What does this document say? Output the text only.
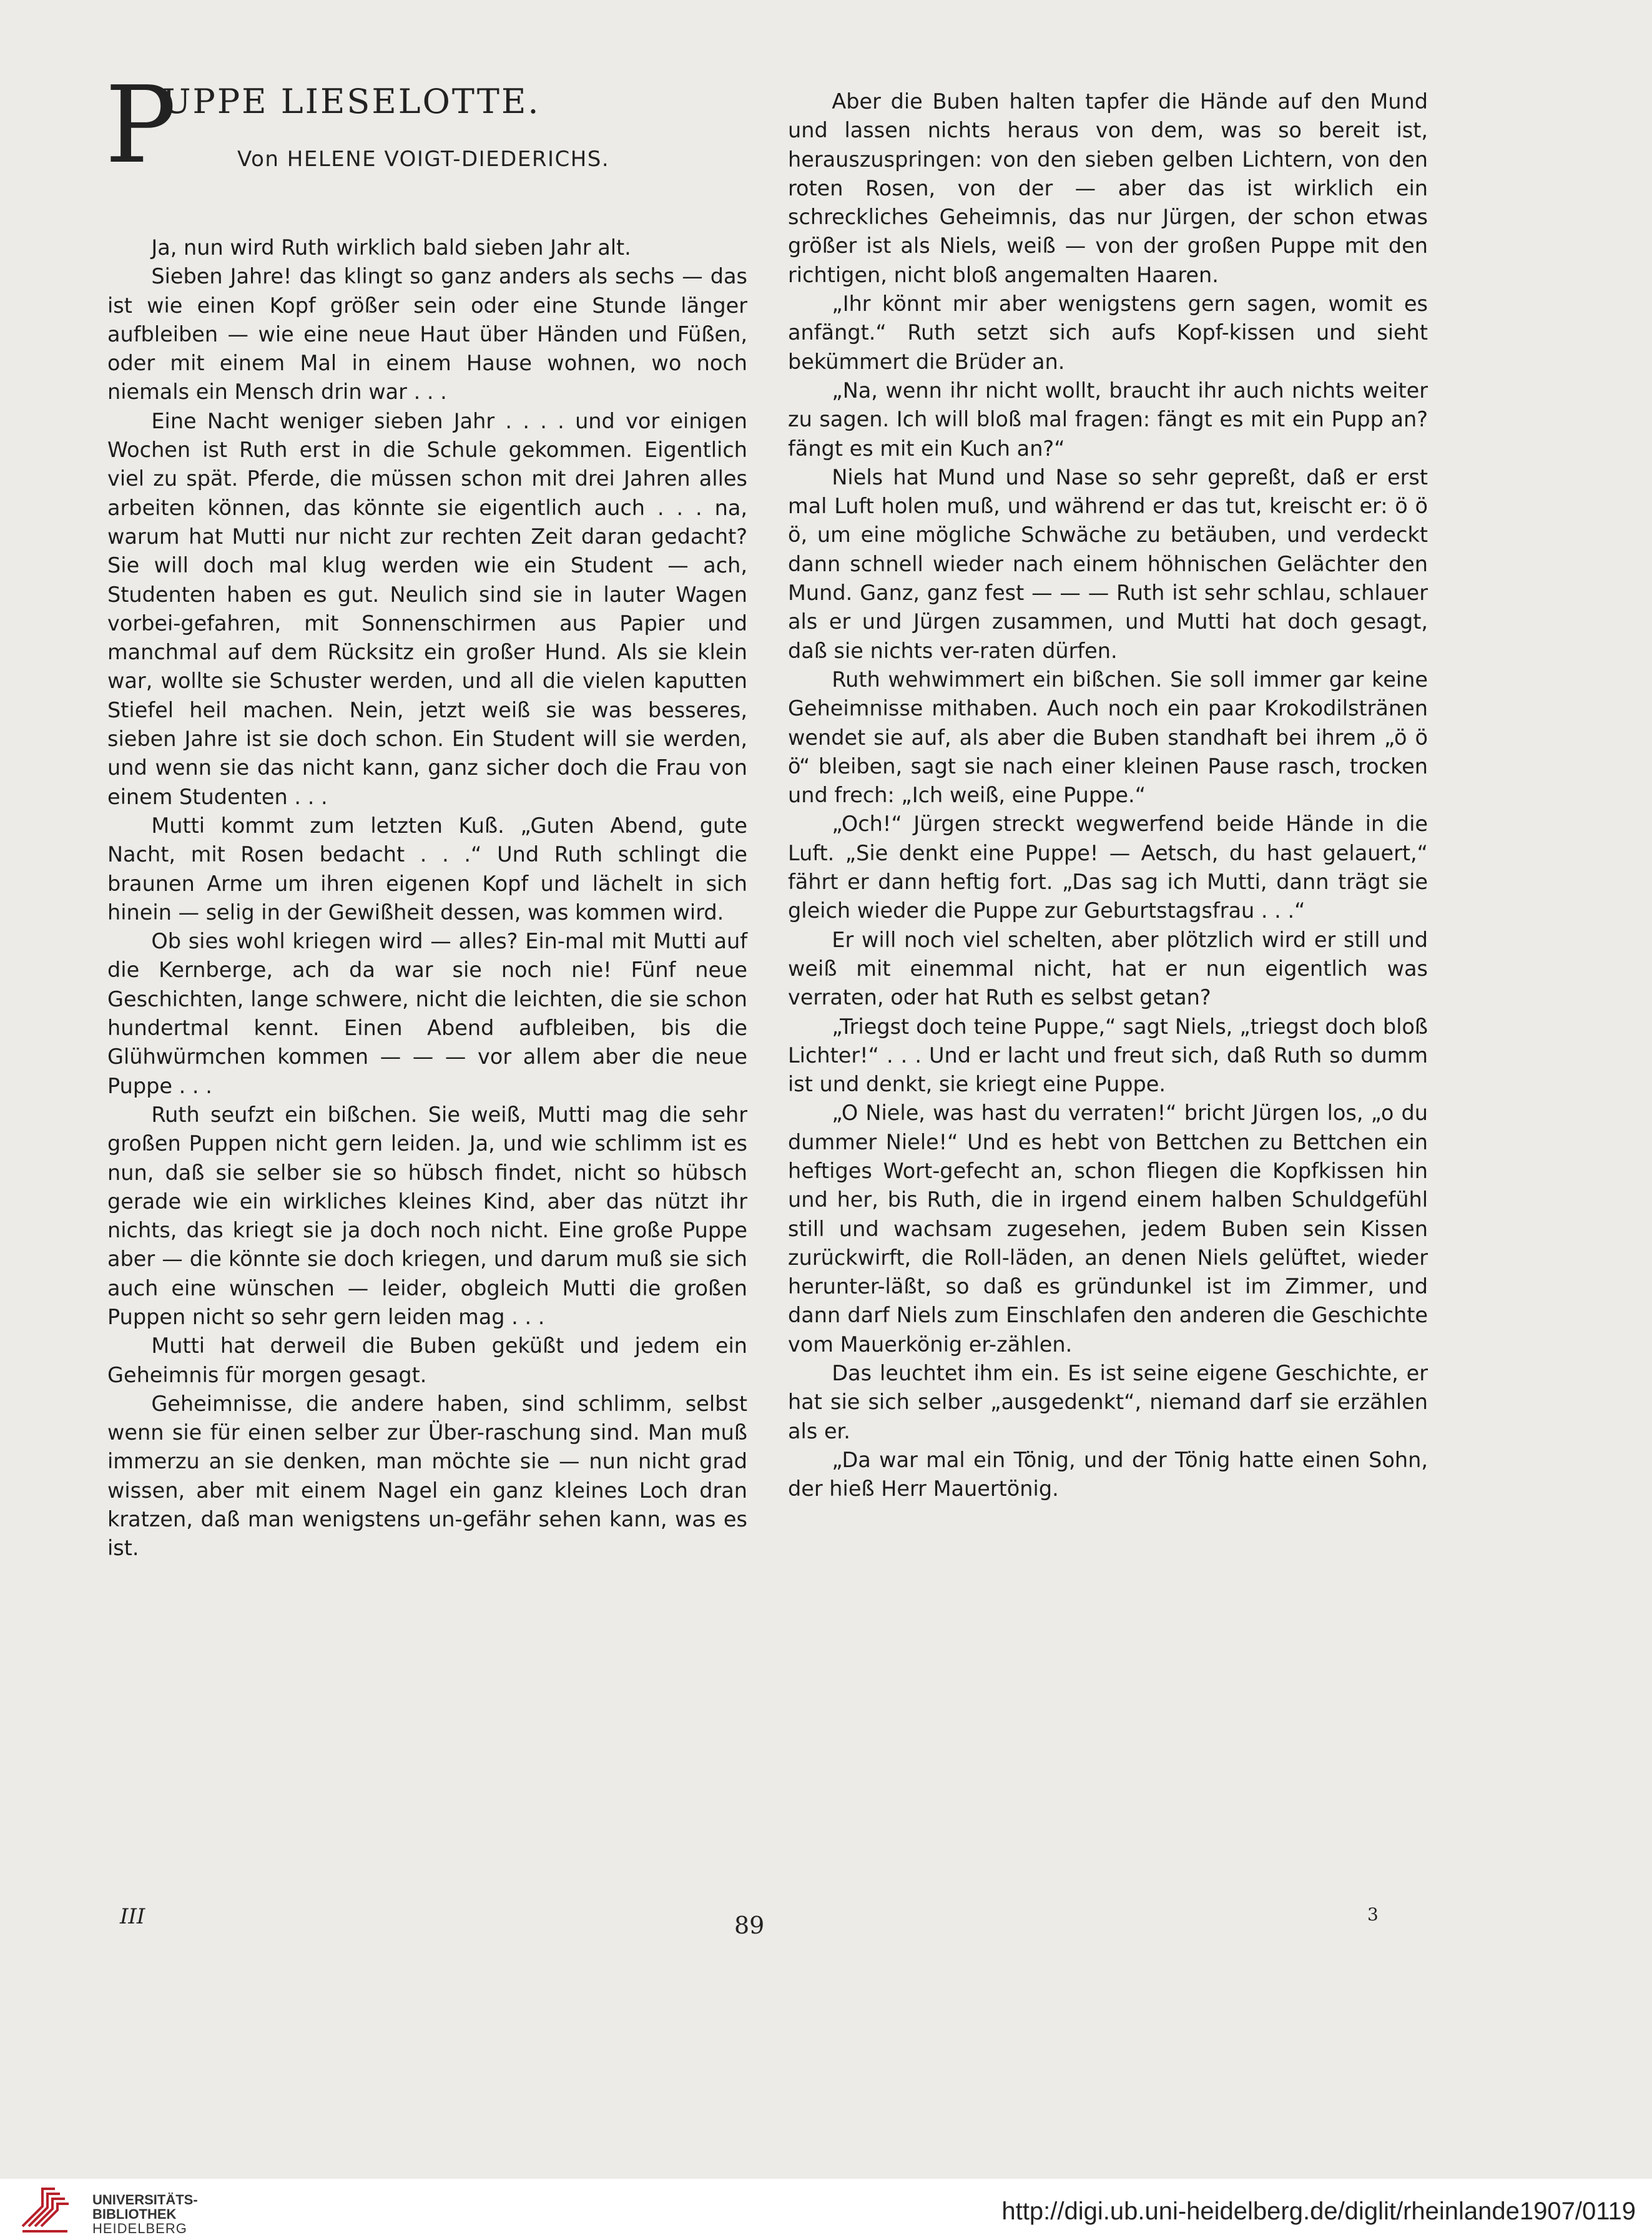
P
UPPE LIESELOTTE.
Von HELENE VOIGT-DIEDERICHS.

Ja, nun wird Ruth wirklich bald sieben Jahr alt.

Sieben Jahre! das klingt so ganz anders als sechs — das ist wie einen Kopf größer sein oder eine Stunde länger aufbleiben — wie eine neue Haut über Händen und Füßen, oder mit einem Mal in einem Hause wohnen, wo noch niemals ein Mensch drin war . . .

Eine Nacht weniger sieben Jahr . . . . und vor einigen Wochen ist Ruth erst in die Schule gekommen. Eigentlich viel zu spät. Pferde, die müssen schon mit drei Jahren alles arbeiten können, das könnte sie eigentlich auch . . . na, warum hat Mutti nur nicht zur rechten Zeit daran gedacht? Sie will doch mal klug werden wie ein Student — ach, Studenten haben es gut. Neulich sind sie in lauter Wagen vorbei-gefahren, mit Sonnenschirmen aus Papier und manchmal auf dem Rücksitz ein großer Hund. Als sie klein war, wollte sie Schuster werden, und all die vielen kaputten Stiefel heil machen. Nein, jetzt weiß sie was besseres, sieben Jahre ist sie doch schon. Ein Student will sie werden, und wenn sie das nicht kann, ganz sicher doch die Frau von einem Studenten . . .

Mutti kommt zum letzten Kuß. „Guten Abend, gute Nacht, mit Rosen bedacht . . .“ Und Ruth schlingt die braunen Arme um ihren eigenen Kopf und lächelt in sich hinein — selig in der Gewißheit dessen, was kommen wird.

Ob sies wohl kriegen wird — alles? Ein-mal mit Mutti auf die Kernberge, ach da war sie noch nie! Fünf neue Geschichten, lange schwere, nicht die leichten, die sie schon hundertmal kennt. Einen Abend aufbleiben, bis die Glühwürmchen kommen — — — vor allem aber die neue Puppe . . .

Ruth seufzt ein bißchen. Sie weiß, Mutti mag die sehr großen Puppen nicht gern leiden. Ja, und wie schlimm ist es nun, daß sie selber sie so hübsch findet, nicht so hübsch gerade wie ein wirkliches kleines Kind, aber das nützt ihr nichts, das kriegt sie ja doch noch nicht. Eine große Puppe aber — die könnte sie doch kriegen, und darum muß sie sich auch eine wünschen — leider, obgleich Mutti die großen Puppen nicht so sehr gern leiden mag . . .

Mutti hat derweil die Buben geküßt und jedem ein Geheimnis für morgen gesagt.

Geheimnisse, die andere haben, sind schlimm, selbst wenn sie für einen selber zur Über-raschung sind. Man muß immerzu an sie denken, man möchte sie — nun nicht grad wissen, aber mit einem Nagel ein ganz kleines Loch dran kratzen, daß man wenigstens un-gefähr sehen kann, was es ist.

Aber die Buben halten tapfer die Hände auf den Mund und lassen nichts heraus von dem, was so bereit ist, herauszuspringen: von den sieben gelben Lichtern, von den roten Rosen, von der — aber das ist wirklich ein schreckliches Geheimnis, das nur Jürgen, der schon etwas größer ist als Niels, weiß — von der großen Puppe mit den richtigen, nicht bloß angemalten Haaren.

„Ihr könnt mir aber wenigstens gern sagen, womit es anfängt.“ Ruth setzt sich aufs Kopf-kissen und sieht bekümmert die Brüder an.

„Na, wenn ihr nicht wollt, braucht ihr auch nichts weiter zu sagen. Ich will bloß mal fragen: fängt es mit ein Pupp an? fängt es mit ein Kuch an?“

Niels hat Mund und Nase so sehr gepreßt, daß er erst mal Luft holen muß, und während er das tut, kreischt er: ö ö ö, um eine mögliche Schwäche zu betäuben, und verdeckt dann schnell wieder nach einem höhnischen Gelächter den Mund. Ganz, ganz fest — — — Ruth ist sehr schlau, schlauer als er und Jürgen zusammen, und Mutti hat doch gesagt, daß sie nichts ver-raten dürfen.

Ruth wehwimmert ein bißchen. Sie soll immer gar keine Geheimnisse mithaben. Auch noch ein paar Krokodilstränen wendet sie auf, als aber die Buben standhaft bei ihrem „ö ö ö“ bleiben, sagt sie nach einer kleinen Pause rasch, trocken und frech: „Ich weiß, eine Puppe.“

„Och!“ Jürgen streckt wegwerfend beide Hände in die Luft. „Sie denkt eine Puppe! — Aetsch, du hast gelauert,“ fährt er dann heftig fort. „Das sag ich Mutti, dann trägt sie gleich wieder die Puppe zur Geburtstagsfrau . . .“

Er will noch viel schelten, aber plötzlich wird er still und weiß mit einemmal nicht, hat er nun eigentlich was verraten, oder hat Ruth es selbst getan?

„Triegst doch teine Puppe,“ sagt Niels, „triegst doch bloß Lichter!“ . . . Und er lacht und freut sich, daß Ruth so dumm ist und denkt, sie kriegt eine Puppe.

„O Niele, was hast du verraten!“ bricht Jürgen los, „o du dummer Niele!“ Und es hebt von Bettchen zu Bettchen ein heftiges Wort-gefecht an, schon fliegen die Kopfkissen hin und her, bis Ruth, die in irgend einem halben Schuldgefühl still und wachsam zugesehen, jedem Buben sein Kissen zurückwirft, die Roll-läden, an denen Niels gelüftet, wieder herunter-läßt, so daß es gründunkel ist im Zimmer, und dann darf Niels zum Einschlafen den anderen die Geschichte vom Mauerkönig er-zählen.

Das leuchtet ihm ein. Es ist seine eigene Geschichte, er hat sie sich selber „ausgedenkt“, niemand darf sie erzählen als er.

„Da war mal ein Tönig, und der Tönig hatte einen Sohn, der hieß Herr Mauertönig.

III	89	3
UNIVERSITÄTS-
BIBLIOTHEK
HEIDELBERG
http://digi.ub.uni-heidelberg.de/diglit/rheinlande1907/0119
